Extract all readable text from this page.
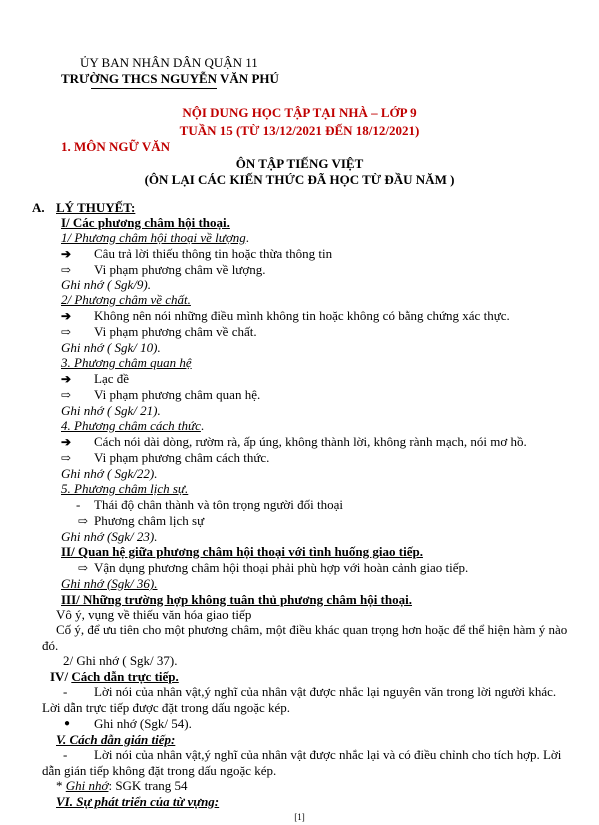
ỦY BAN NHÂN DÂN QUẬN 11
TRƯỜNG THCS NGUYỄN VĂN PHÚ
NỘI DUNG HỌC TẬP TẠI NHÀ – LỚP 9
TUẦN 15 (TỪ 13/12/2021 ĐẾN 18/12/2021)
1. MÔN NGỮ VĂN
ÔN TẬP TIẾNG VIỆT
(ÔN LẠI CÁC KIẾN THỨC ĐÃ HỌC TỪ ĐẦU NĂM )
A. LÝ THUYẾT:
I/ Các phương châm hội thoại.
1/ Phương châm hội thoại về lượng.
➔ Câu trả lời thiếu thông tin hoặc thừa thông tin
⇨ Vi phạm phương châm về lượng.
Ghi nhớ ( Sgk/9).
2/ Phương châm về chất.
➔ Không nên nói những điều mình không tin hoặc không có bằng chứng xác thực.
⇨ Vi phạm phương châm về chất.
Ghi nhớ ( Sgk/ 10).
3. Phương châm quan hệ
➔ Lạc đề
⇨ Vi phạm phương châm quan hệ.
Ghi nhớ ( Sgk/ 21).
4. Phương châm cách thức.
➔ Cách nói dài dòng, rườm rà, ấp úng, không thành lời, không rành mạch, nói mơ hồ.
⇨ Vi phạm phương châm cách thức.
Ghi nhớ ( Sgk/22).
5. Phương châm lịch sự.
- Thái độ chân thành và tôn trọng người đối thoại
⇨ Phương châm lịch sự
Ghi nhớ (Sgk/ 23).
II/ Quan hệ giữa phương châm hội thoại với tình huống giao tiếp.
⇨ Vận dụng phương châm hội thoại phải phù hợp với hoàn cảnh giao tiếp.
Ghi nhớ (Sgk/ 36).
III/ Những trường hợp không tuân thủ phương châm hội thoại.
Vô ý, vụng về thiếu văn hóa giao tiếp
Cố ý, để ưu tiên cho một phương châm, một điều khác quan trọng hơn hoặc để thể hiện hàm ý nào
đó.
2/ Ghi nhớ ( Sgk/ 37).
IV/ Cách dẫn trực tiếp.
- Lời nói của nhân vật,ý nghĩ của nhân vật được nhắc lại nguyên văn trong lời người khác.
Lời dẫn trực tiếp được đặt trong dấu ngoặc kép.
● Ghi nhớ (Sgk/ 54).
V. Cách dẫn gián tiếp:
- Lời nói của nhân vật,ý nghĩ của nhân vật được nhắc lại và có điều chỉnh cho tích hợp. Lời
dẫn gián tiếp không đặt trong dấu ngoặc kép.
* Ghi nhớ: SGK trang 54
VI. Sự phát triển của từ vựng:
[1]
